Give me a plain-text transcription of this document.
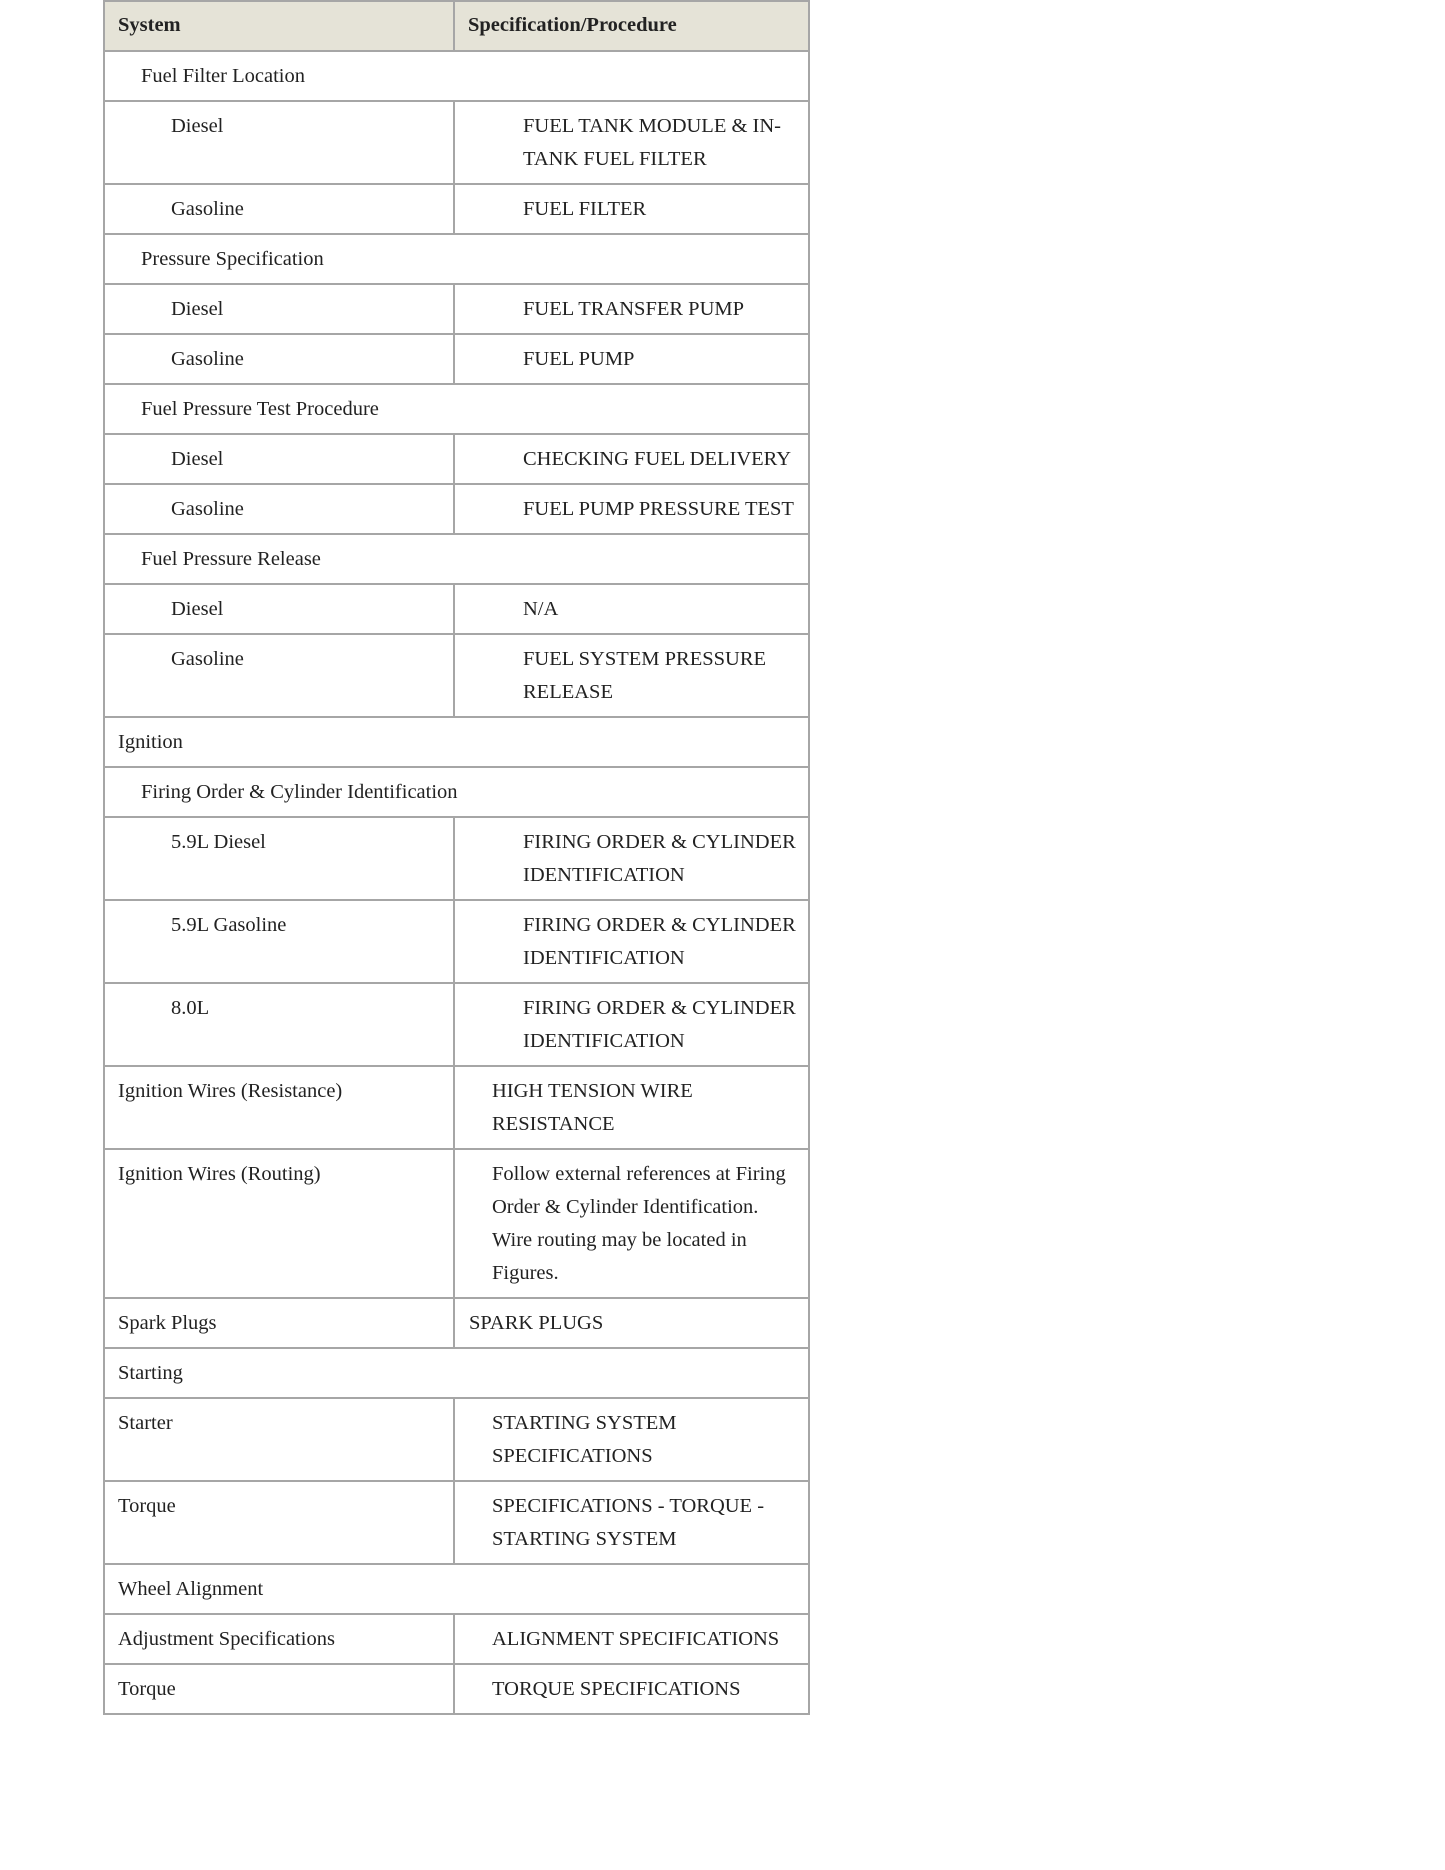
System	Specification/Procedure
Fuel Filter Location	
Diesel	FUEL TANK MODULE & IN-TANK FUEL FILTER
Gasoline	FUEL FILTER
Pressure Specification	
Diesel	FUEL TRANSFER PUMP
Gasoline	FUEL PUMP
Fuel Pressure Test Procedure	
Diesel	CHECKING FUEL DELIVERY
Gasoline	FUEL PUMP PRESSURE TEST
Fuel Pressure Release	
Diesel	N/A
Gasoline	FUEL SYSTEM PRESSURE RELEASE
Ignition	
Firing Order & Cylinder Identification	
5.9L Diesel	FIRING ORDER & CYLINDER IDENTIFICATION
5.9L Gasoline	FIRING ORDER & CYLINDER IDENTIFICATION
8.0L	FIRING ORDER & CYLINDER IDENTIFICATION
Ignition Wires (Resistance)	HIGH TENSION WIRE RESISTANCE
Ignition Wires (Routing)	Follow external references at Firing Order & Cylinder Identification. Wire routing may be located in Figures.
Spark Plugs	SPARK PLUGS
Starting	
Starter	STARTING SYSTEM SPECIFICATIONS
Torque	SPECIFICATIONS - TORQUE - STARTING SYSTEM
Wheel Alignment	
Adjustment Specifications	ALIGNMENT SPECIFICATIONS
Torque	TORQUE SPECIFICATIONS
